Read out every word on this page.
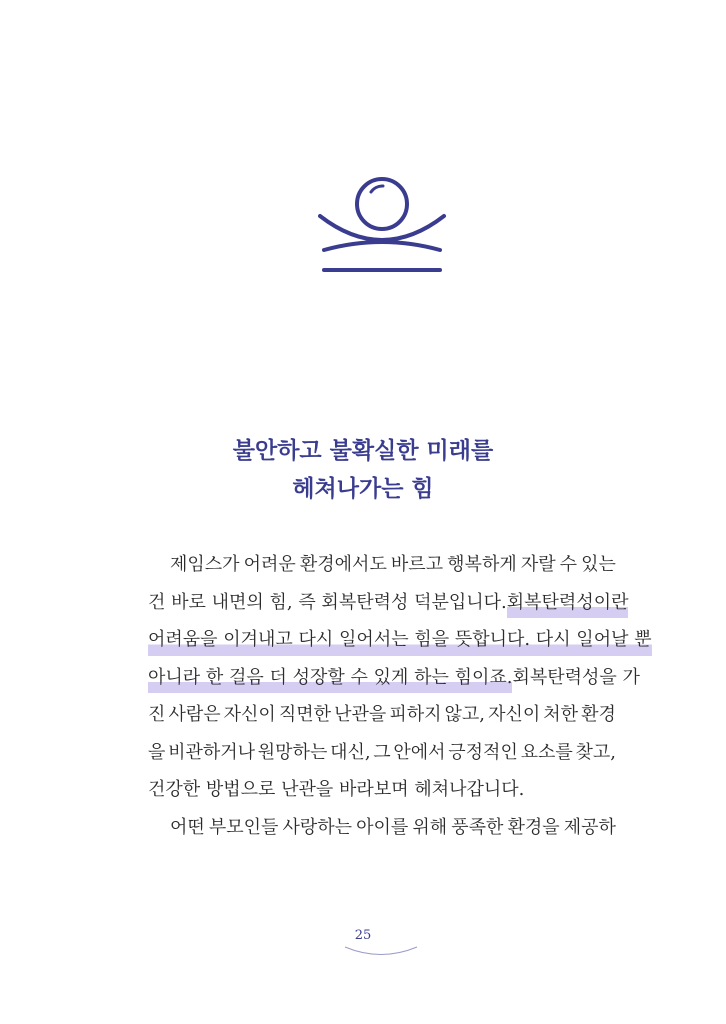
불안하고 불확실한 미래를
헤쳐나가는 힘
제임스가 어려운 환경에서도 바르고 행복하게 자랄 수 있는
건 바로 내면의 힘, 즉 회복탄력성 덕분입니다. 회복탄력성이란
어려움을 이겨내고 다시 일어서는 힘을 뜻합니다. 다시 일어날 뿐
아니라 한 걸음 더 성장할 수 있게 하는 힘이죠. 회복탄력성을 가
진 사람은 자신이 직면한 난관을 피하지 않고, 자신이 처한 환경
을 비관하거나 원망하는 대신, 그 안에서 긍정적인 요소를 찾고,
건강한 방법으로 난관을 바라보며 헤쳐나갑니다.
어떤 부모인들 사랑하는 아이를 위해 풍족한 환경을 제공하
25
